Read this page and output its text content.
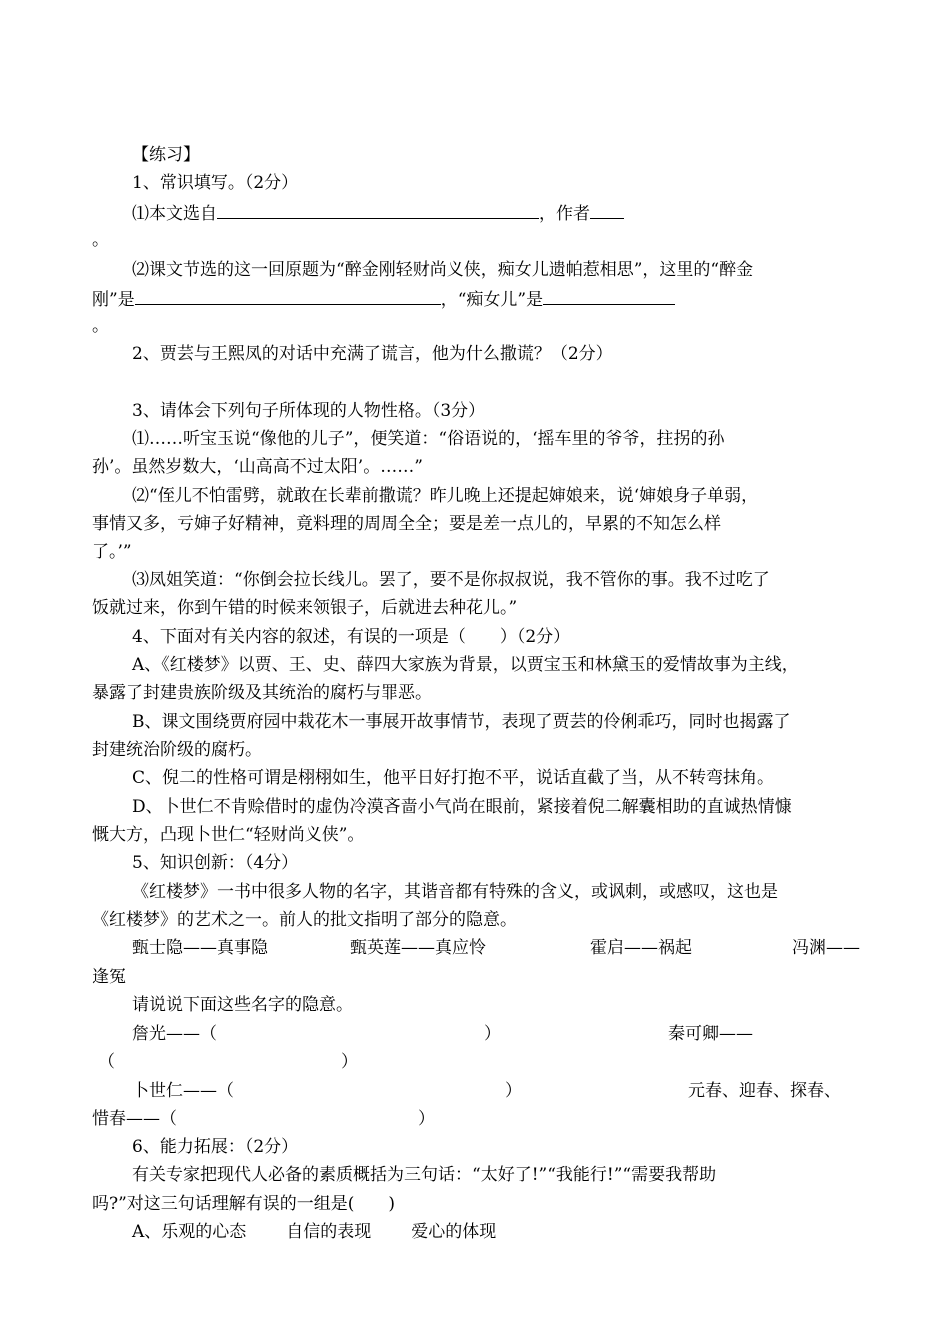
【练习】
1、常识填写。（2分）
⑴本文选自	，作者
。
⑵课文节选的这一回原题为“醉金刚轻财尚义侠，痴女儿遗帕惹相思”，这里的“醉金
刚”是	，“痴女儿”是
。
2、贾芸与王熙凤的对话中充满了谎言，他为什么撒谎？（2分）
3、请体会下列句子所体现的人物性格。（3分）
⑴……听宝玉说“像他的儿子”，便笑道：“俗语说的，‘摇车里的爷爷，拄拐的孙
孙’。虽然岁数大，‘山高高不过太阳’。……”
⑵“侄儿不怕雷劈，就敢在长辈前撒谎？昨儿晚上还提起婶娘来，说‘婶娘身子单弱，
事情又多，亏婶子好精神，竟料理的周周全全；要是差一点儿的，早累的不知怎么样
了。’”
⑶凤姐笑道：“你倒会拉长线儿。罢了，要不是你叔叔说，我不管你的事。我不过吃了
饭就过来，你到午错的时候来领银子，后就进去种花儿。”
4、下面对有关内容的叙述，有误的一项是（　　）（2分）
A、《红楼梦》以贾、王、史、薛四大家族为背景，以贾宝玉和林黛玉的爱情故事为主线，
暴露了封建贵族阶级及其统治的腐朽与罪恶。
B、课文围绕贾府园中栽花木一事展开故事情节，表现了贾芸的伶俐乖巧，同时也揭露了
封建统治阶级的腐朽。
C、倪二的性格可谓是栩栩如生，他平日好打抱不平，说话直截了当，从不转弯抹角。
D、卜世仁不肯赊借时的虚伪冷漠吝啬小气尚在眼前，紧接着倪二解囊相助的直诚热情慷
慨大方，凸现卜世仁“轻财尚义侠”。
5、知识创新：（4分）
《红楼梦》一书中很多人物的名字，其谐音都有特殊的含义，或讽刺，或感叹，这也是
《红楼梦》的艺术之一。前人的批文指明了部分的隐意。
甄士隐——真事隐	甄英莲——真应怜	霍启——祸起	冯渊——
逢冤
请说说下面这些名字的隐意。
詹光——（	）	秦可卿——
（	）
卜世仁——（	）	元春、迎春、探春、
惜春——（	）
6、能力拓展：（2分）
有关专家把现代人必备的素质概括为三句话：“太好了!”“我能行!”“需要我帮助
吗?”对这三句话理解有误的一组是(　　)
A、乐观的心态 自信的表现 爱心的体现
